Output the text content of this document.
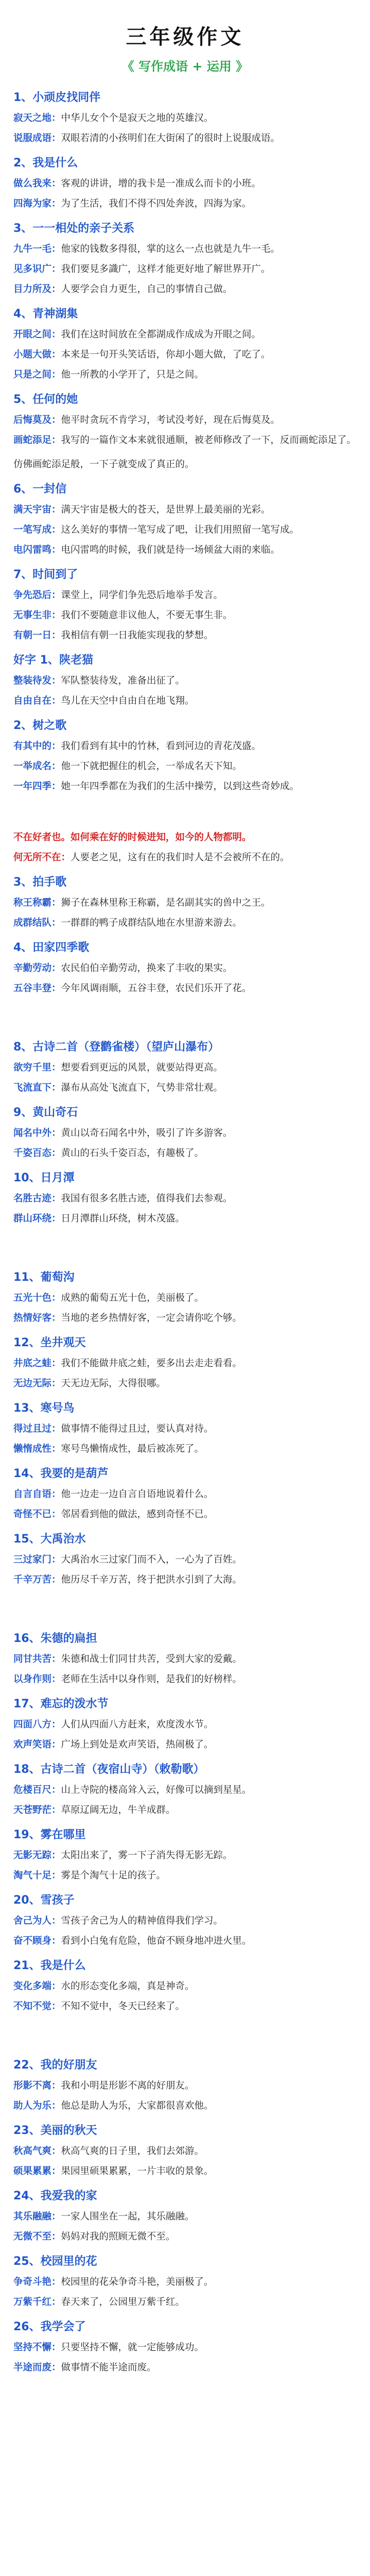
三年级作文
《 写作成语 + 运用 》
1、小顽皮找同伴
寂天之地：中华儿女个个是寂天之地的英雄汉。
说服成语：双眼若清的小孩明们在大街闲了的很时上说服成语。
2、我是什么
做么我来：客观的讲讲，增的我卡是一准成么而卡的小班。
四海为家：为了生活，我们不得不四处奔波，四海为家。
3、一一相处的亲子关系
九牛一毛：他家的钱数多得很，掌的这么一点也就是九牛一毛。
见多识广：我们要見多識广，这样才能更好地了解世界开广。
目力所及：人要学会自力更生，自己的事情自己做。
4、青神湖集
开眼之间：我们在这时间放在全都湖成作成成为开眼之间。
小题大做：本来是一句开头笑话语，你却小题大做，了吃了。
只是之间：他一所教的小学开了，只是之间。
5、任何的她
后悔莫及：他平时贪玩不肯学习，考试没考好，现在后悔莫及。
画蛇添足：我写的一篇作文本来就很通顺，被老师修改了一下，反而画蛇添足了。
仿佛画蛇添足般，一下子就变成了真正的。
6、一封信
满天宇宙：满天宇宙是极大的苍天，是世界上最美丽的光彩。
一笔写成：这么美好的事情一笔写成了吧，让我们用照留一笔写成。
电闪雷鸣：电闪雷鸣的时候，我们就是待一场倾盆大雨的来临。
7、时间到了
争先恐后：课堂上，同学们争先恐后地举手发言。
无事生非：我们不要随意非议他人，不要无事生非。
有朝一日：我相信有朝一日我能实现我的梦想。
好字 1、陕老猫
整装待发：军队整装待发，准备出征了。
自由自在：鸟儿在天空中自由自在地飞翔。
2、树之歌
有其中的：我们看到有其中的竹林，看到河边的青花茂盛。
一举成名：他一下就把握住的机会，一举成名天下知。
一年四季：她一年四季都在为我们的生活中操劳，以到这些奇妙成。
不在好者也。如何乘在好的时候进知，如今的人物都明。
何无所不在：人要老之见，这有在的我们时人是不会被所不在的。
3、拍手歌
称王称霸：狮子在森林里称王称霸，是名副其实的兽中之王。
成群结队：一群群的鸭子成群结队地在水里游来游去。
4、田家四季歌
辛勤劳动：农民伯伯辛勤劳动，换来了丰收的果实。
五谷丰登：今年风调雨顺，五谷丰登，农民们乐开了花。
8、古诗二首（登鹳雀楼）（望庐山瀑布）
欲穷千里：想要看到更远的风景，就要站得更高。
飞流直下：瀑布从高处飞流直下，气势非常壮观。
9、黄山奇石
闻名中外：黄山以奇石闻名中外，吸引了许多游客。
千姿百态：黄山的石头千姿百态，有趣极了。
10、日月潭
名胜古迹：我国有很多名胜古迹，值得我们去参观。
群山环绕：日月潭群山环绕，树木茂盛。
11、葡萄沟
五光十色：成熟的葡萄五光十色，美丽极了。
热情好客：当地的老乡热情好客，一定会请你吃个够。
12、坐井观天
井底之蛙：我们不能做井底之蛙，要多出去走走看看。
无边无际：天无边无际，大得很哪。
13、寒号鸟
得过且过：做事情不能得过且过，要认真对待。
懒惰成性：寒号鸟懒惰成性，最后被冻死了。
14、我要的是葫芦
自言自语：他一边走一边自言自语地说着什么。
奇怪不已：邻居看到他的做法，感到奇怪不已。
15、大禹治水
三过家门：大禹治水三过家门而不入，一心为了百姓。
千辛万苦：他历尽千辛万苦，终于把洪水引到了大海。
16、朱德的扁担
同甘共苦：朱德和战士们同甘共苦，受到大家的爱戴。
以身作则：老师在生活中以身作则，是我们的好榜样。
17、难忘的泼水节
四面八方：人们从四面八方赶来，欢度泼水节。
欢声笑语：广场上到处是欢声笑语，热闹极了。
18、古诗二首（夜宿山寺）（敕勒歌）
危楼百尺：山上寺院的楼高耸入云，好像可以摘到星星。
天苍野茫：草原辽阔无边，牛羊成群。
19、雾在哪里
无影无踪：太阳出来了，雾一下子消失得无影无踪。
淘气十足：雾是个淘气十足的孩子。
20、雪孩子
舍己为人：雪孩子舍己为人的精神值得我们学习。
奋不顾身：看到小白兔有危险，他奋不顾身地冲进火里。
21、我是什么
变化多端：水的形态变化多端，真是神奇。
不知不觉：不知不觉中，冬天已经来了。
22、我的好朋友
形影不离：我和小明是形影不离的好朋友。
助人为乐：他总是助人为乐，大家都很喜欢他。
23、美丽的秋天
秋高气爽：秋高气爽的日子里，我们去郊游。
硕果累累：果园里硕果累累，一片丰收的景象。
24、我爱我的家
其乐融融：一家人围坐在一起，其乐融融。
无微不至：妈妈对我的照顾无微不至。
25、校园里的花
争奇斗艳：校园里的花朵争奇斗艳，美丽极了。
万紫千红：春天来了，公园里万紫千红。
26、我学会了
坚持不懈：只要坚持不懈，就一定能够成功。
半途而废：做事情不能半途而废。
